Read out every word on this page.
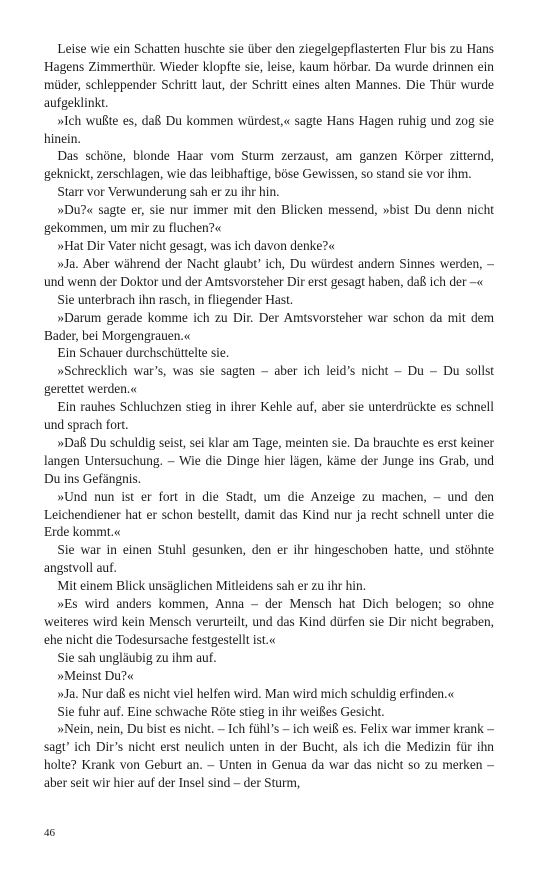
Leise wie ein Schatten huschte sie über den ziegelgepflasterten Flur bis zu Hans Hagens Zimmerthür. Wieder klopfte sie, leise, kaum hörbar. Da wurde drinnen ein müder, schleppender Schritt laut, der Schritt eines alten Mannes. Die Thür wurde aufgeklinkt.

»Ich wußte es, daß Du kommen würdest,« sagte Hans Hagen ruhig und zog sie hinein.

Das schöne, blonde Haar vom Sturm zerzaust, am ganzen Körper zitternd, geknickt, zerschlagen, wie das leibhaftige, böse Gewissen, so stand sie vor ihm.

Starr vor Verwunderung sah er zu ihr hin.

»Du?« sagte er, sie nur immer mit den Blicken messend, »bist Du denn nicht gekommen, um mir zu fluchen?«

»Hat Dir Vater nicht gesagt, was ich davon denke?«

»Ja. Aber während der Nacht glaubt’ ich, Du würdest andern Sinnes werden, – und wenn der Doktor und der Amtsvorsteher Dir erst gesagt haben, daß ich der –«

Sie unterbrach ihn rasch, in fliegender Hast.

»Darum gerade komme ich zu Dir. Der Amtsvorsteher war schon da mit dem Bader, bei Morgengrauen.«

Ein Schauer durchschüttelte sie.

»Schrecklich war’s, was sie sagten – aber ich leid’s nicht – Du – Du sollst gerettet werden.«

Ein rauhes Schluchzen stieg in ihrer Kehle auf, aber sie unterdrückte es schnell und sprach fort.

»Daß Du schuldig seist, sei klar am Tage, meinten sie. Da brauchte es erst keiner langen Untersuchung. – Wie die Dinge hier lägen, käme der Junge ins Grab, und Du ins Gefängnis.

»Und nun ist er fort in die Stadt, um die Anzeige zu machen, – und den Leichendiener hat er schon bestellt, damit das Kind nur ja recht schnell unter die Erde kommt.«

Sie war in einen Stuhl gesunken, den er ihr hingeschoben hatte, und stöhnte angstvoll auf.

Mit einem Blick unsäglichen Mitleidens sah er zu ihr hin.

»Es wird anders kommen, Anna – der Mensch hat Dich belogen; so ohne weiteres wird kein Mensch verurteilt, und das Kind dürfen sie Dir nicht begraben, ehe nicht die Todesursache festgestellt ist.«

Sie sah ungläubig zu ihm auf.

»Meinst Du?«

»Ja. Nur daß es nicht viel helfen wird. Man wird mich schuldig erfinden.«

Sie fuhr auf. Eine schwache Röte stieg in ihr weißes Gesicht.

»Nein, nein, Du bist es nicht. – Ich fühl’s – ich weiß es. Felix war immer krank – sagt’ ich Dir’s nicht erst neulich unten in der Bucht, als ich die Medizin für ihn holte? Krank von Geburt an. – Unten in Genua da war das nicht so zu merken – aber seit wir hier auf der Insel sind – der Sturm,

46
